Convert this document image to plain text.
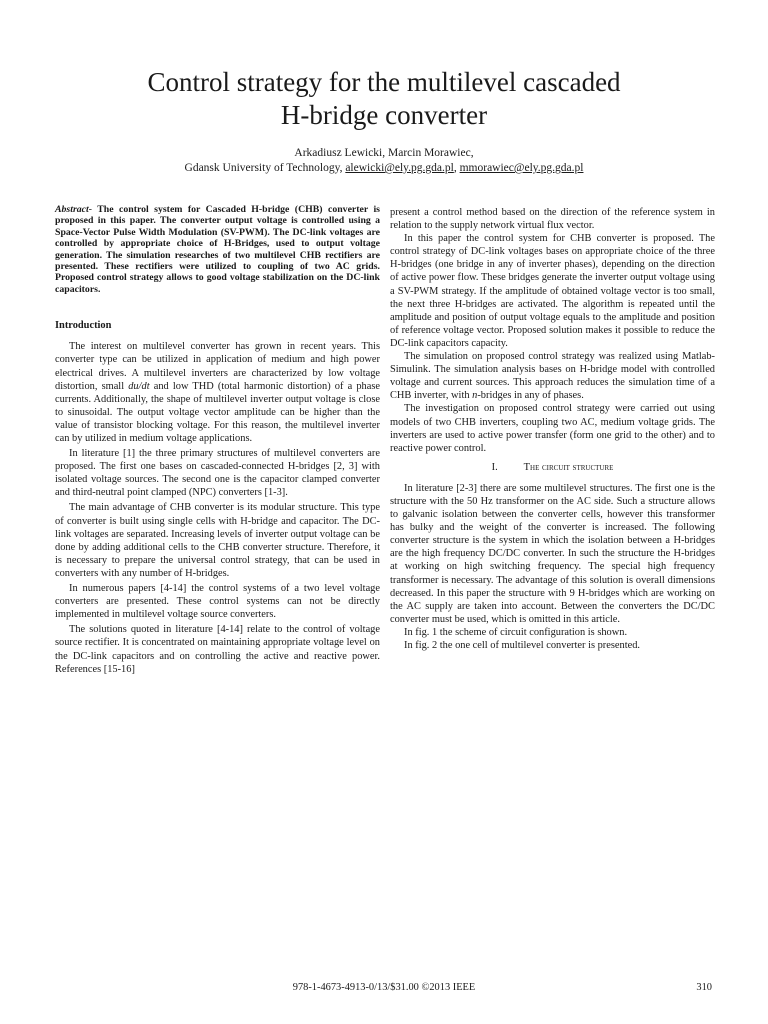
Control strategy for the multilevel cascaded
H-bridge converter
Arkadiusz Lewicki, Marcin Morawiec,
Gdansk University of Technology, alewicki@ely.pg.gda.pl, mmorawiec@ely.pg.gda.pl

Abstract- The control system for Cascaded H-bridge (CHB) converter is proposed in this paper. The converter output voltage is controlled using a Space-Vector Pulse Width Modulation (SV-PWM). The DC-link voltages are controlled by appropriate choice of H-Bridges, used to output voltage generation. The simulation researches of two multilevel CHB rectifiers are presented. These rectifiers were utilized to coupling of two AC grids. Proposed control strategy allows to good voltage stabilization on the DC-link capacitors.

Introduction

The interest on multilevel converter has grown in recent years. This converter type can be utilized in application of medium and high power electrical drives. A multilevel inverters are characterized by low voltage distortion, small du/dt and low THD (total harmonic distortion) of a phase currents. Additionally, the shape of multilevel inverter output voltage is close to sinusoidal. The output voltage vector amplitude can be higher than the value of transistor blocking voltage. For this reason, the multilevel inverter can by utilized in medium voltage applications.

In literature [1] the three primary structures of multilevel converters are proposed. The first one bases on cascaded-connected H-bridges [2, 3] with isolated voltage sources. The second one is the capacitor clamped converter and third-neutral point clamped (NPC) converters [1-3].

The main advantage of CHB converter is its modular structure. This type of converter is built using single cells with H-bridge and capacitor. The DC-link voltages are separated. Increasing levels of inverter output voltage can be done by adding additional cells to the CHB converter structure. Therefore, it is necessary to prepare the universal control strategy, that can be used in converters with any number of H-bridges.

In numerous papers [4-14] the control systems of a two level voltage converters are presented. These control systems can not be directly implemented in multilevel voltage source converters.

The solutions quoted in literature [4-14] relate to the control of voltage source rectifier. It is concentrated on maintaining appropriate voltage level on the DC-link capacitors and on controlling the active and reactive power. References [15-16]

present a control method based on the direction of the reference system in relation to the supply network virtual flux vector.

In this paper the control system for CHB converter is proposed. The control strategy of DC-link voltages bases on appropriate choice of the three H-bridges (one bridge in any of inverter phases), depending on the direction of active power flow. These bridges generate the inverter output voltage using a SV-PWM strategy. If the amplitude of obtained voltage vector is too small, the next three H-bridges are activated. The algorithm is repeated until the amplitude and position of output voltage equals to the amplitude and position of reference voltage vector. Proposed solution makes it possible to reduce the DC-link capacitors capacity.

The simulation on proposed control strategy was realized using Matlab-Simulink. The simulation analysis bases on H-bridge model with controlled voltage and current sources. This approach reduces the simulation time of a CHB inverter, with n-bridges in any of phases.

The investigation on proposed control strategy were carried out using models of two CHB inverters, coupling two AC, medium voltage grids. The inverters are used to active power transfer (form one grid to the other) and to reactive power control.

I.	The circuit structure

In literature [2-3] there are some multilevel structures. The first one is the structure with the 50 Hz transformer on the AC side. Such a structure allows to galvanic isolation between the converter cells, however this transformer has bulky and the weight of the converter is increased. The following converter structure is the system in which the isolation between a H-bridges are the high frequency DC/DC converter. In such the structure the H-bridges at working on high switching frequency. The special high frequency transformer is necessary. The advantage of this solution is overall dimensions decreased. In this paper the structure with 9 H-bridges which are working on the AC supply are taken into account. Between the converters the DC/DC converter must be used, which is omitted in this article.

In fig. 1 the scheme of circuit configuration is shown.

In fig. 2 the one cell of multilevel converter is presented.

978-1-4673-4913-0/13/$31.00 ©2013 IEEE	310
